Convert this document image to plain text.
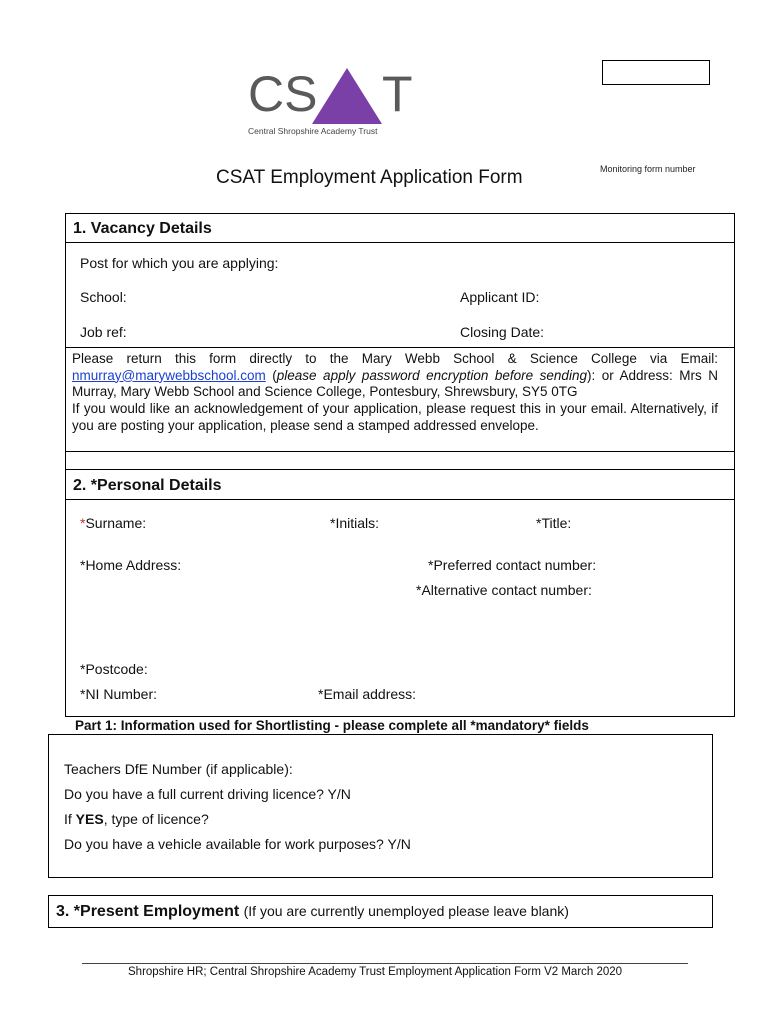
CS T
Central Shropshire Academy Trust
Monitoring form number
CSAT Employment Application Form
1. Vacancy Details
Post for which you are applying:
School:	Applicant ID:
Job ref:	Closing Date:
Please return this form directly to the Mary Webb School & Science College via Email: nmurray@marywebbschool.com (please apply password encryption before sending): or Address: Mrs N Murray, Mary Webb School and Science College, Pontesbury, Shrewsbury, SY5 0TG
If you would like an acknowledgement of your application, please request this in your email. Alternatively, if you are posting your application, please send a stamped addressed envelope.
2. *Personal Details
*Surname:	*Initials:	*Title:
*Home Address:	*Preferred contact number:
*Alternative contact number:
*Postcode:
*NI Number:	*Email address:
Part 1: Information used for Shortlisting - please complete all *mandatory* fields
Teachers DfE Number (if applicable):
Do you have a full current driving licence? Y/N
If YES, type of licence?
Do you have a vehicle available for work purposes? Y/N
3. *Present Employment (If you are currently unemployed please leave blank)
Shropshire HR; Central Shropshire Academy Trust Employment Application Form V2 March 2020
